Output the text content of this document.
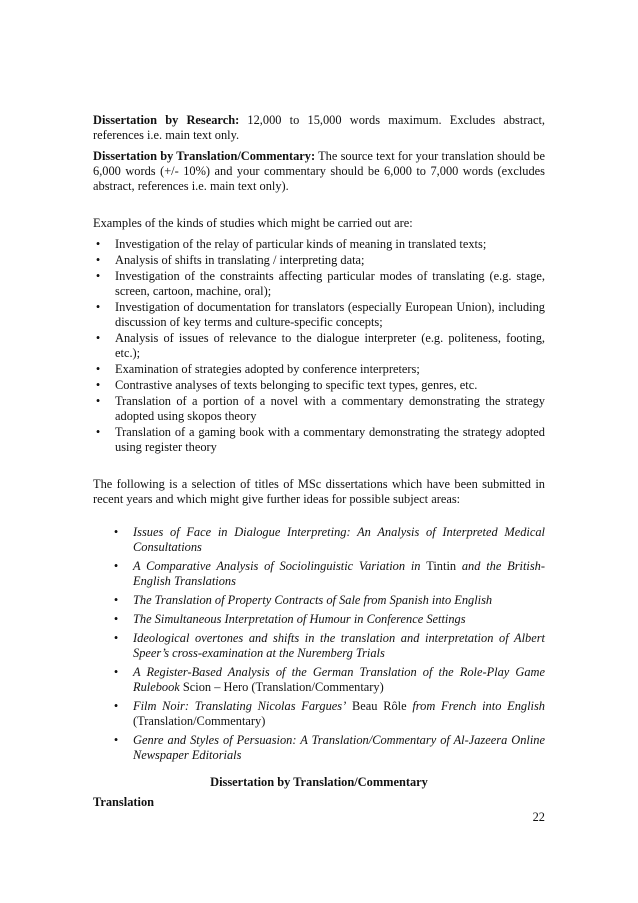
Dissertation by Research: 12,000 to 15,000 words maximum. Excludes abstract, references i.e. main text only.

Dissertation by Translation/Commentary: The source text for your translation should be 6,000 words (+/- 10%) and your commentary should be 6,000 to 7,000 words (excludes abstract, references i.e. main text only).

Examples of the kinds of studies which might be carried out are:

• Investigation of the relay of particular kinds of meaning in translated texts;
• Analysis of shifts in translating / interpreting data;
• Investigation of the constraints affecting particular modes of translating (e.g. stage, screen, cartoon, machine, oral);
• Investigation of documentation for translators (especially European Union), including discussion of key terms and culture-specific concepts;
• Analysis of issues of relevance to the dialogue interpreter (e.g. politeness, footing, etc.);
• Examination of strategies adopted by conference interpreters;
• Contrastive analyses of texts belonging to specific text types, genres, etc.
• Translation of a portion of a novel with a commentary demonstrating the strategy adopted using skopos theory
• Translation of a gaming book with a commentary demonstrating the strategy adopted using register theory

The following is a selection of titles of MSc dissertations which have been submitted in recent years and which might give further ideas for possible subject areas:

• Issues of Face in Dialogue Interpreting: An Analysis of Interpreted Medical Consultations
• A Comparative Analysis of Sociolinguistic Variation in Tintin and the British-English Translations
• The Translation of Property Contracts of Sale from Spanish into English
• The Simultaneous Interpretation of Humour in Conference Settings
• Ideological overtones and shifts in the translation and interpretation of Albert Speer’s cross-examination at the Nuremberg Trials
• A Register-Based Analysis of the German Translation of the Role-Play Game Rulebook Scion – Hero (Translation/Commentary)
• Film Noir: Translating Nicolas Fargues’ Beau Rôle from French into English (Translation/Commentary)
• Genre and Styles of Persuasion: A Translation/Commentary of Al-Jazeera Online Newspaper Editorials

Dissertation by Translation/Commentary

Translation

22
